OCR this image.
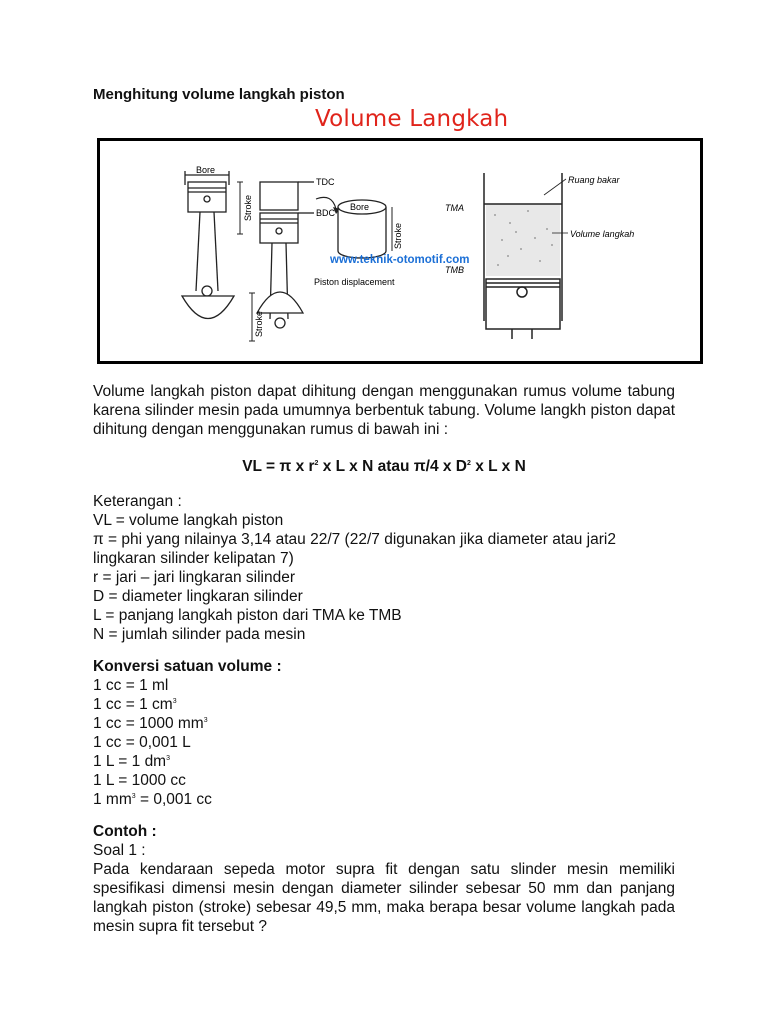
Menghitung volume langkah piston
Volume Langkah
Bore
Stroke
TDC
BDC
Stroke
Bore
Stroke
Piston displacement
TMA
TMB
Ruang bakar
Volume langkah
www.teknik-otomotif.com
Volume langkah piston dapat dihitung dengan menggunakan rumus volume tabung karena silinder mesin pada umumnya berbentuk tabung. Volume langkh piston dapat dihitung dengan menggunakan rumus di bawah ini :
VL = π x $r^2$ x L x N atau π/4 x $D^2$ x L x N
Keterangan :
VL = volume langkah piston
π = phi yang nilainya 3,14 atau 22/7 (22/7 digunakan jika diameter atau jari2 lingkaran silinder kelipatan 7)
r = jari – jari lingkaran silinder
D = diameter lingkaran silinder
L = panjang langkah piston dari TMA ke TMB
N = jumlah silinder pada mesin
Konversi satuan volume :
1 cc = 1 ml
1 cc = 1 $cm^3$
1 cc = 1000 $mm^3$
1 cc = 0,001 L
1 L = 1 $dm^3$
1 L = 1000 cc
1 $mm^3 = 0,001$ cc
Contoh :
Soal 1 :
Pada kendaraan sepeda motor supra fit dengan satu slinder mesin memiliki spesifikasi dimensi mesin dengan diameter silinder sebesar 50 mm dan panjang langkah piston (stroke) sebesar 49,5 mm, maka berapa besar volume langkah pada mesin supra fit tersebut ?
